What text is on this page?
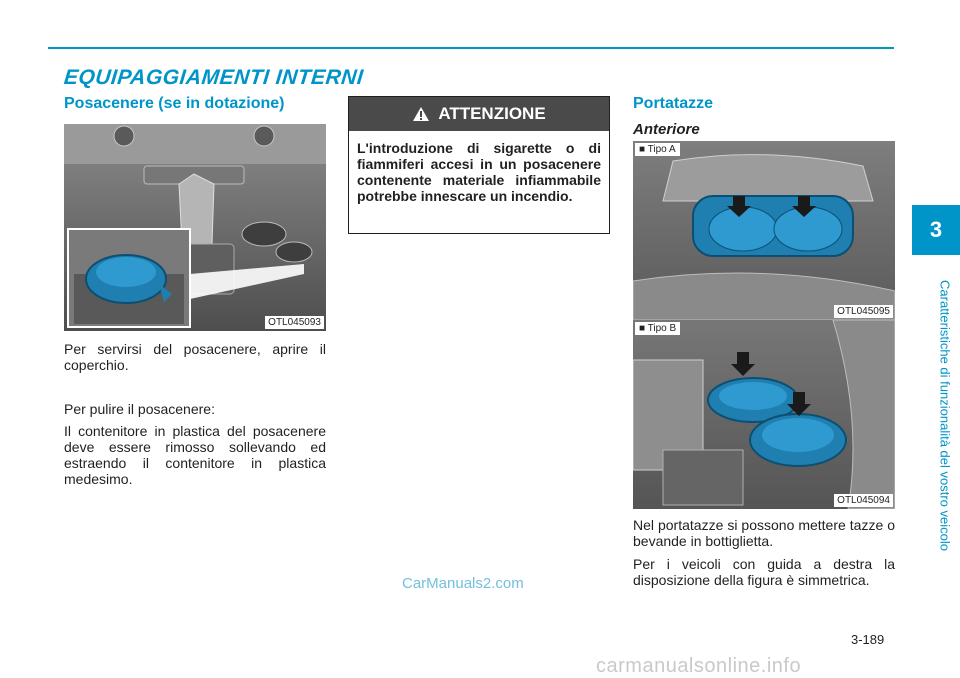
EQUIPAGGIAMENTI INTERNI
Posacenere (se in dotazione)
OTL045093
Per servirsi del posacenere, aprire il coperchio.
Per pulire il posacenere:
Il contenitore in plastica del posacenere deve essere rimosso sollevando ed estraendo il contenitore in plastica medesimo.
ATTENZIONE
L'introduzione di sigarette o di fiammiferi accesi in un posacenere contenente materiale infiammabile potrebbe innescare un incendio.
Portatazze
Anteriore
■ Tipo A
OTL045095
■ Tipo B
OTL045094
Nel portatazze si possono mettere tazze o bevande in bottiglietta.
Per i veicoli con guida a destra la disposizione della figura è simmetrica.
3
Caratteristiche di funzionalità del vostro veicolo
CarManuals2.com
3-189
carmanualsonline.info
